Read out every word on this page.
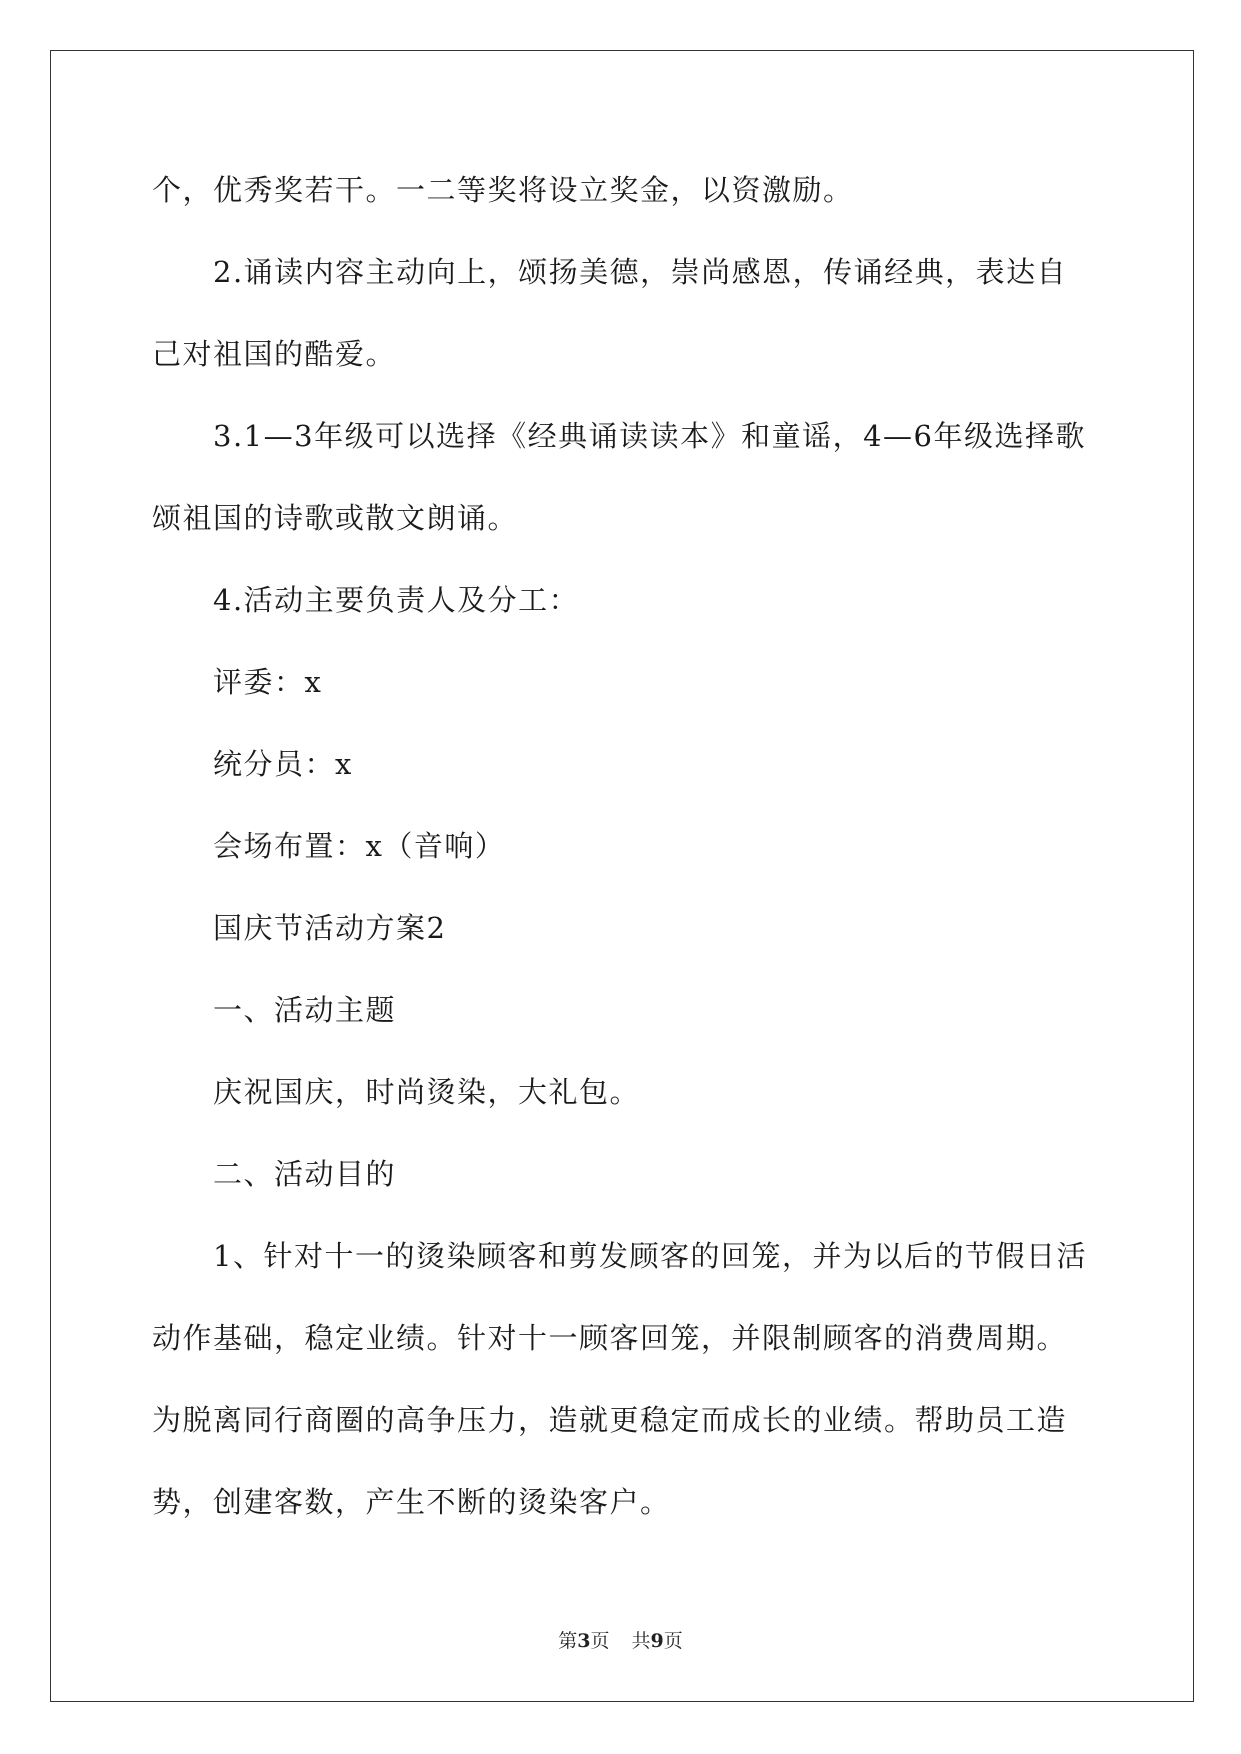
个，优秀奖若干。一二等奖将设立奖金，以资激励。
2.诵读内容主动向上，颂扬美德，崇尚感恩，传诵经典，表达自
己对祖国的酷爱。
3.1—3年级可以选择《经典诵读读本》和童谣，4—6年级选择歌
颂祖国的诗歌或散文朗诵。
4.活动主要负责人及分工：
评委：x
统分员：x
会场布置：x（音响）
国庆节活动方案2
一、活动主题
庆祝国庆，时尚烫染，大礼包。
二、活动目的
1、针对十一的烫染顾客和剪发顾客的回笼，并为以后的节假日活
动作基础，稳定业绩。针对十一顾客回笼，并限制顾客的消费周期。
为脱离同行商圈的高争压力，造就更稳定而成长的业绩。帮助员工造
势，创建客数，产生不断的烫染客户。
第3页 共9页
